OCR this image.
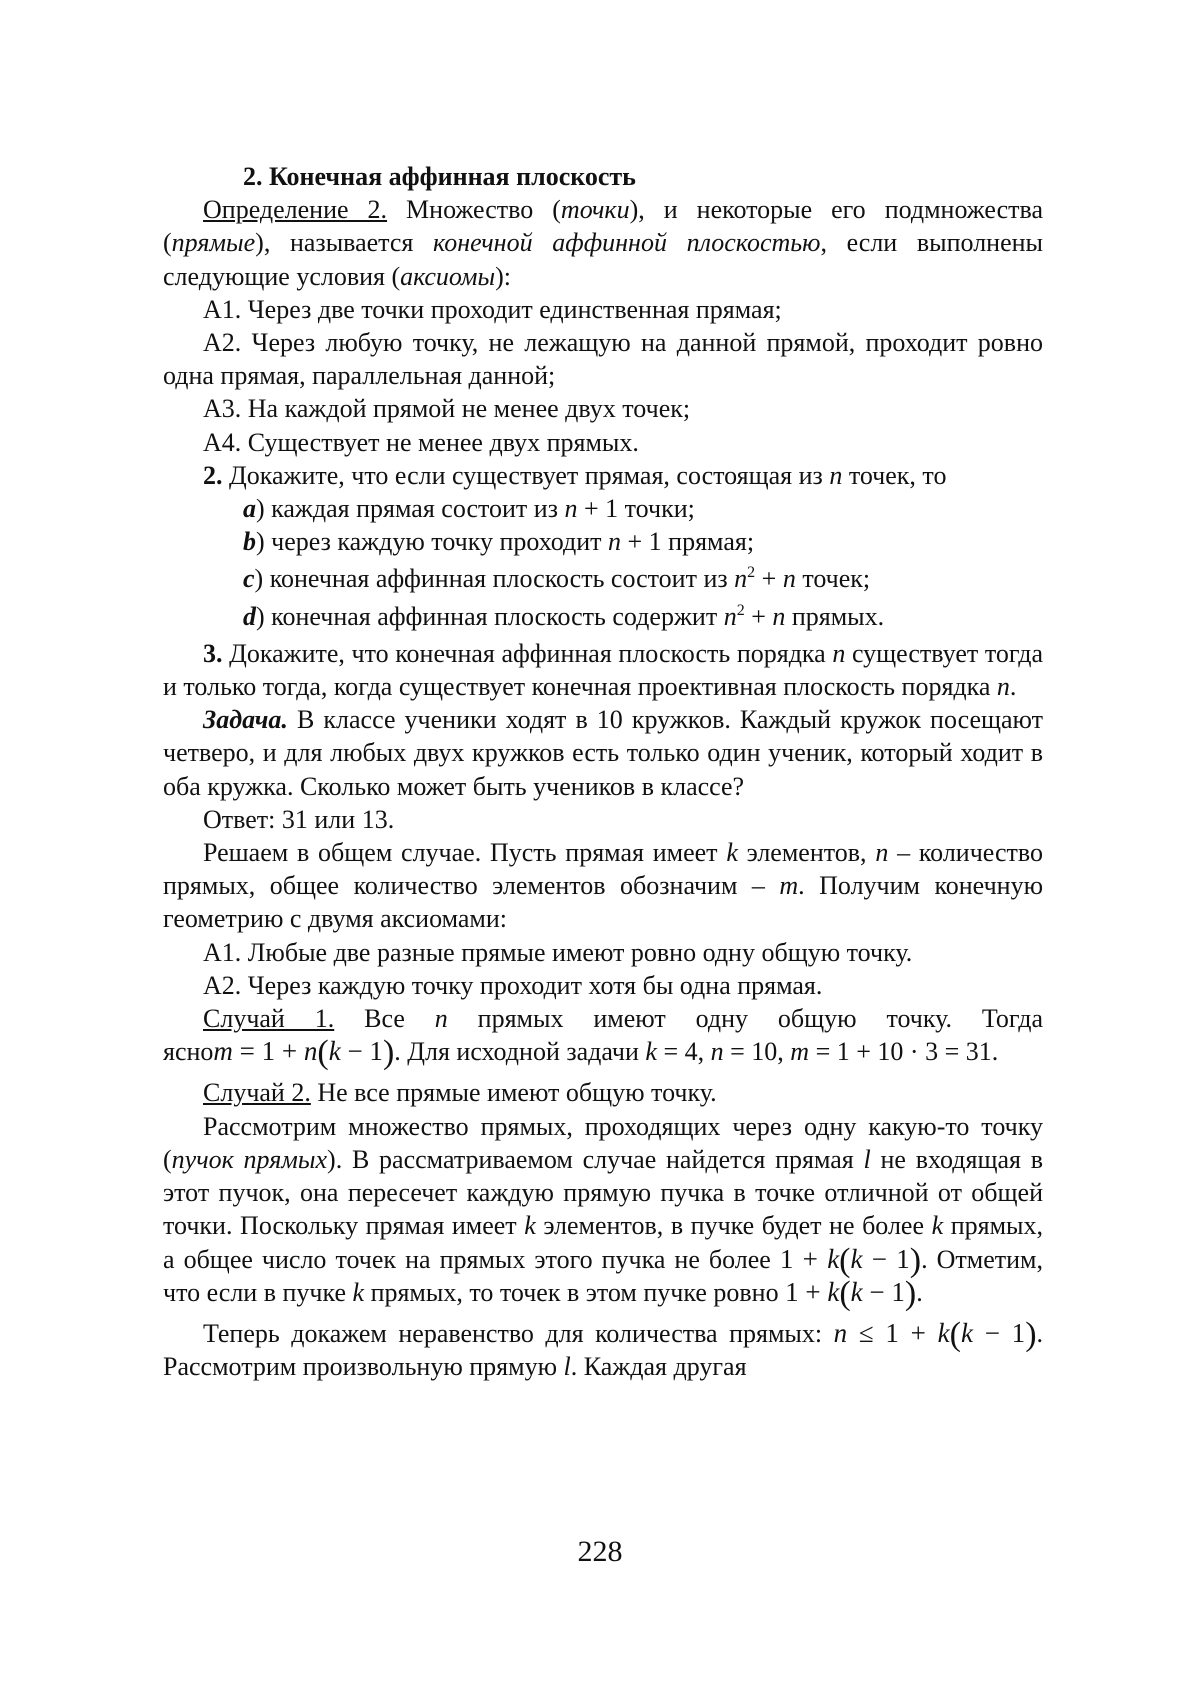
2. Конечная аффинная плоскость

Определение 2. Множество (точки), и некоторые его подмножества (прямые), называется конечной аффинной плоскостью, если выполнены следующие условия (аксиомы):

А1. Через две точки проходит единственная прямая;

А2. Через любую точку, не лежащую на данной прямой, проходит ровно одна прямая, параллельная данной;

А3. На каждой прямой не менее двух точек;

А4. Существует не менее двух прямых.

2. Докажите, что если существует прямая, состоящая из n точек, то

a) каждая прямая состоит из n + 1 точки;

b) через каждую точку проходит n + 1 прямая;

c) конечная аффинная плоскость состоит из $n^2 + n$ точек;

d) конечная аффинная плоскость содержит $n^2 + n$ прямых.

3. Докажите, что конечная аффинная плоскость порядка n существует тогда и только тогда, когда существует конечная проективная плоскость порядка n.

Задача. В классе ученики ходят в 10 кружков. Каждый кружок посещают четверо, и для любых двух кружков есть только один ученик, который ходит в оба кружка. Сколько может быть учеников в классе?

Ответ: 31 или 13.

Решаем в общем случае. Пусть прямая имеет k элементов, n – количество прямых, общее количество элементов обозначим – m. Получим конечную геометрию с двумя аксиомами:

А1. Любые две разные прямые имеют ровно одну общую точку.

А2. Через каждую точку проходит хотя бы одна прямая.

Случай 1. Все n прямых имеют одну общую точку. Тогда ясноm = 1 + n(k − 1). Для исходной задачи k = 4, n = 10, m = 1 + 10 · 3 = 31.

Случай 2. Не все прямые имеют общую точку.

Рассмотрим множество прямых, проходящих через одну какую-то точку (пучок прямых). В рассматриваемом случае найдется прямая l не входящая в этот пучок, она пересечет каждую прямую пучка в точке отличной от общей точки. Поскольку прямая имеет k элементов, в пучке будет не более k прямых, а общее число точек на прямых этого пучка не более 1 + k(k − 1). Отметим, что если в пучке k прямых, то точек в этом пучке ровно 1 + k(k − 1).

Теперь докажем неравенство для количества прямых: n ≤ 1 + k(k − 1). Рассмотрим произвольную прямую l. Каждая другая

228
